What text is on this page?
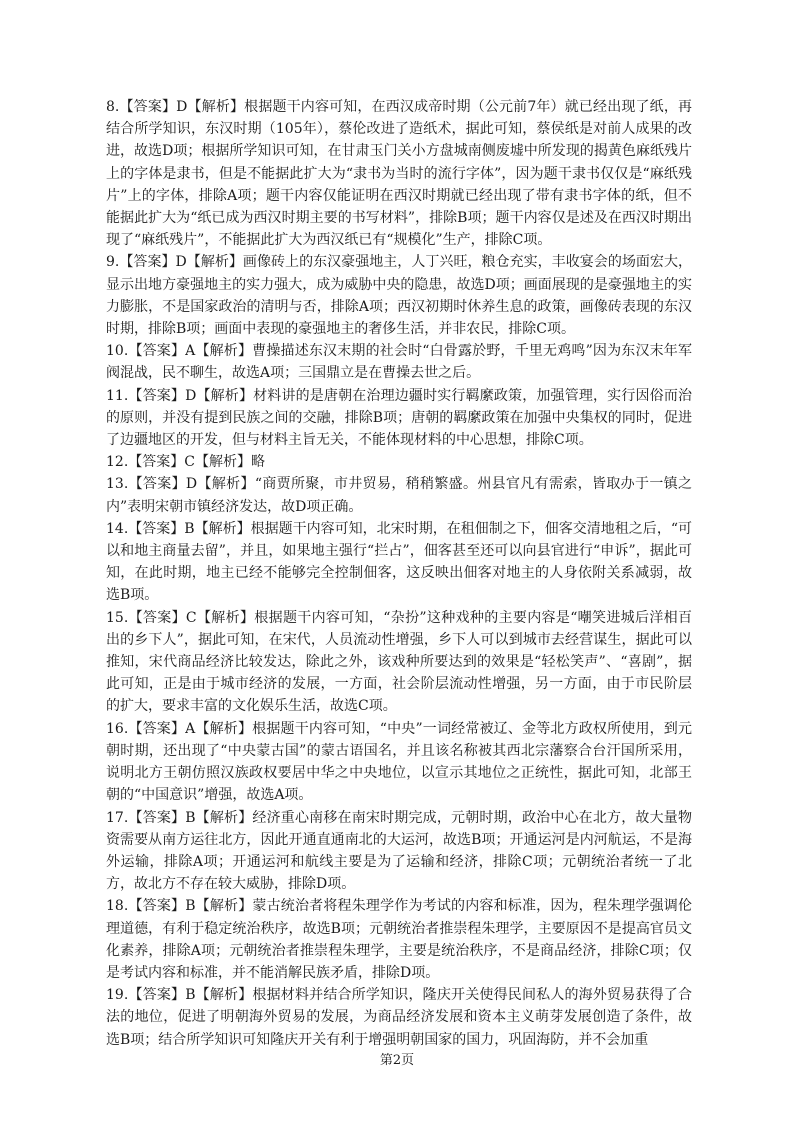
8.【答案】D【解析】根据题干内容可知，在西汉成帝时期（公元前7年）就已经出现了纸，再结合所学知识，东汉时期（105年），蔡伦改进了造纸术，据此可知，蔡侯纸是对前人成果的改进，故选D项；根据所学知识可知，在甘肃玉门关小方盘城南侧废墟中所发现的揭黄色麻纸残片上的字体是隶书，但是不能据此扩大为“隶书为当时的流行字体”，因为题干隶书仅仅是“麻纸残片”上的字体，排除A项；题干内容仅能证明在西汉时期就已经出现了带有隶书字体的纸，但不能据此扩大为“纸已成为西汉时期主要的书写材料”，排除B项；题干内容仅是述及在西汉时期出现了“麻纸残片”，不能据此扩大为西汉纸已有“规模化”生产，排除C项。

9.【答案】D【解析】画像砖上的东汉豪强地主，人丁兴旺，粮仓充实，丰收宴会的场面宏大，显示出地方豪强地主的实力强大，成为威胁中央的隐患，故选D项；画面展现的是豪强地主的实力膨胀，不是国家政治的清明与否，排除A项；西汉初期时休养生息的政策，画像砖表现的东汉时期，排除B项；画面中表现的豪强地主的奢侈生活，并非农民，排除C项。

10.【答案】A【解析】曹操描述东汉末期的社会时“白骨露於野，千里无鸡鸣”因为东汉末年军阀混战，民不聊生，故选A项；三国鼎立是在曹操去世之后。

11.【答案】D【解析】材料讲的是唐朝在治理边疆时实行羁縻政策，加强管理，实行因俗而治的原则，并没有提到民族之间的交融，排除B项；唐朝的羁縻政策在加强中央集权的同时，促进了边疆地区的开发，但与材料主旨无关，不能体现材料的中心思想，排除C项。

12.【答案】C【解析】略

13.【答案】D【解析】“商贾所聚，市井贸易，稍稍繁盛。州县官凡有需索，皆取办于一镇之内”表明宋朝市镇经济发达，故D项正确。

14.【答案】B【解析】根据题干内容可知，北宋时期，在租佃制之下，佃客交清地租之后，“可以和地主商量去留”，并且，如果地主强行“拦占”，佃客甚至还可以向县官进行“申诉”，据此可知，在此时期，地主已经不能够完全控制佃客，这反映出佃客对地主的人身依附关系减弱，故选B项。

15.【答案】C【解析】根据题干内容可知，“杂扮”这种戏种的主要内容是“嘲笑进城后洋相百出的乡下人”，据此可知，在宋代，人员流动性增强，乡下人可以到城市去经营谋生，据此可以推知，宋代商品经济比较发达，除此之外，该戏种所要达到的效果是“轻松笑声”、“喜剧”，据此可知，正是由于城市经济的发展，一方面，社会阶层流动性增强，另一方面，由于市民阶层的扩大，要求丰富的文化娱乐生活，故选C项。

16.【答案】A【解析】根据题干内容可知，“中央”一词经常被辽、金等北方政权所使用，到元朝时期，还出现了“中央蒙古国”的蒙古语国名，并且该名称被其西北宗藩察合台汗国所采用，说明北方王朝仿照汉族政权要居中华之中央地位，以宣示其地位之正统性，据此可知，北部王朝的“中国意识”增强，故选A项。

17.【答案】B【解析】经济重心南移在南宋时期完成，元朝时期，政治中心在北方，故大量物资需要从南方运往北方，因此开通直通南北的大运河，故选B项；开通运河是内河航运，不是海外运输，排除A项；开通运河和航线主要是为了运输和经济，排除C项；元朝统治者统一了北方，故北方不存在较大威胁，排除D项。

18.【答案】B【解析】蒙古统治者将程朱理学作为考试的内容和标准，因为，程朱理学强调伦理道德，有利于稳定统治秩序，故选B项；元朝统治者推崇程朱理学，主要原因不是提高官员文化素养，排除A项；元朝统治者推崇程朱理学，主要是统治秩序，不是商品经济，排除C项；仅是考试内容和标准，并不能消解民族矛盾，排除D项。

19.【答案】B【解析】根据材料并结合所学知识，隆庆开关使得民间私人的海外贸易获得了合法的地位，促进了明朝海外贸易的发展，为商品经济发展和资本主义萌芽发展创造了条件，故选B项；结合所学知识可知隆庆开关有利于增强明朝国家的国力，巩固海防，并不会加重

第2页
